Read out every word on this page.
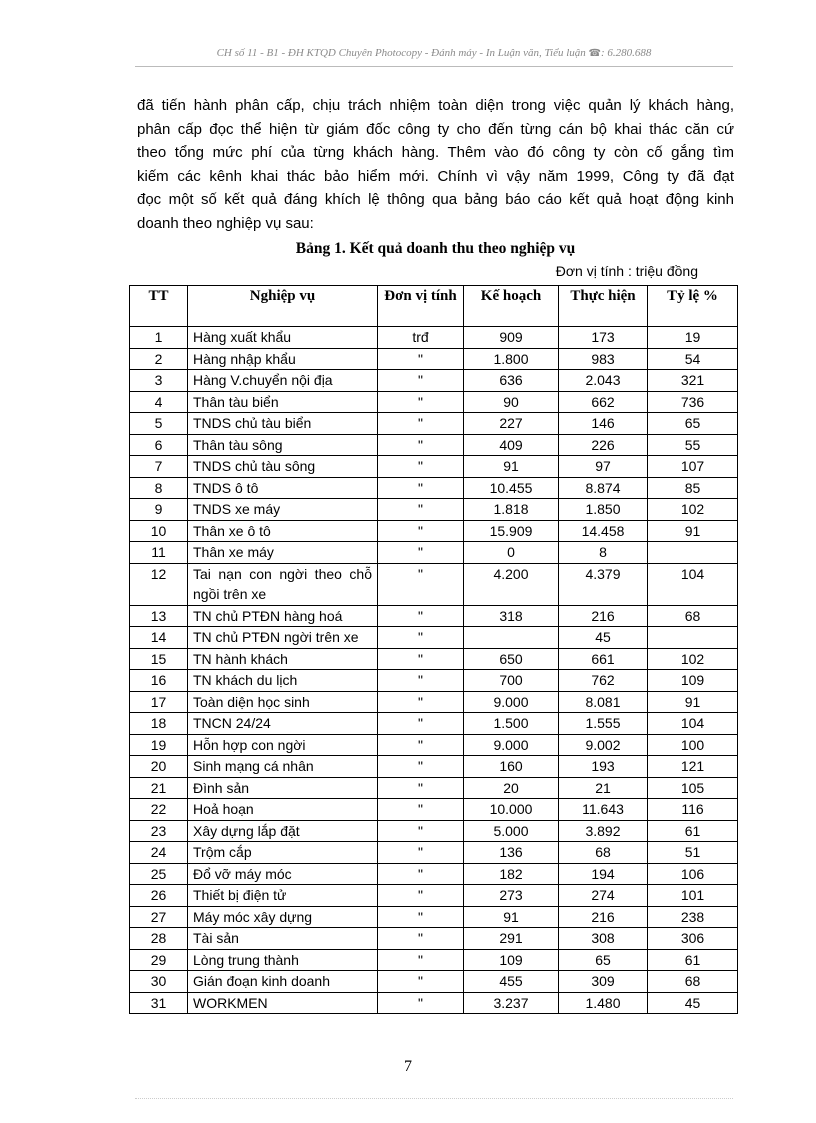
CH số 11 - B1 - ĐH KTQD Chuyên Photocopy - Đánh máy - In Luận văn, Tiểu luận ☎: 6.280.688
đã tiến hành phân cấp, chịu trách nhiệm toàn diện trong việc quản lý khách hàng,
phân cấp đọc thể hiện từ giám đốc công ty cho đến từng cán bộ khai thác căn cứ
theo tổng mức phí của từng khách hàng. Thêm vào đó công ty còn cố gắng tìm
kiếm các kênh khai thác bảo hiểm mới. Chính vì vậy năm 1999, Công ty đã đạt
đọc một số kết quả đáng khích lệ thông qua bảng báo cáo kết quả hoạt động kinh
doanh theo nghiệp vụ sau:
Bảng 1. Kết quả doanh thu theo nghiệp vụ
Đơn vị tính : triệu đồng
TT	Nghiệp vụ	Đơn vị tính	Kế hoạch	Thực hiện	Tỷ lệ %
1	Hàng xuất khẩu	trđ	909	173	19
2	Hàng nhập khẩu	"	1.800	983	54
3	Hàng V.chuyển nội địa	"	636	2.043	321
4	Thân tàu biển	"	90	662	736
5	TNDS chủ tàu biển	"	227	146	65
6	Thân tàu sông	"	409	226	55
7	TNDS chủ tàu sông	"	91	97	107
8	TNDS ô tô	"	10.455	8.874	85
9	TNDS xe máy	"	1.818	1.850	102
10	Thân xe ô tô	"	15.909	14.458	91
11	Thân xe máy	"	0	8	
12	Tai nạn con ngời theo chỗ ngồi trên xe	"	4.200	4.379	104
13	TN chủ PTĐN hàng hoá	"	318	216	68
14	TN chủ PTĐN ngời trên xe	"		45	
15	TN hành khách	"	650	661	102
16	TN khách du lịch	"	700	762	109
17	Toàn diện học sinh	"	9.000	8.081	91
18	TNCN 24/24	"	1.500	1.555	104
19	Hỗn hợp con ngời	"	9.000	9.002	100
20	Sinh mạng cá nhân	"	160	193	121
21	Đình sản	"	20	21	105
22	Hoả hoạn	"	10.000	11.643	116
23	Xây dựng lắp đặt	"	5.000	3.892	61
24	Trộm cắp	"	136	68	51
25	Đổ vỡ máy móc	"	182	194	106
26	Thiết bị điện tử	"	273	274	101
27	Máy móc xây dựng	"	91	216	238
28	Tài sản	"	291	308	306
29	Lòng trung thành	"	109	65	61
30	Gián đoạn kinh doanh	"	455	309	68
31	WORKMEN	"	3.237	1.480	45
7
